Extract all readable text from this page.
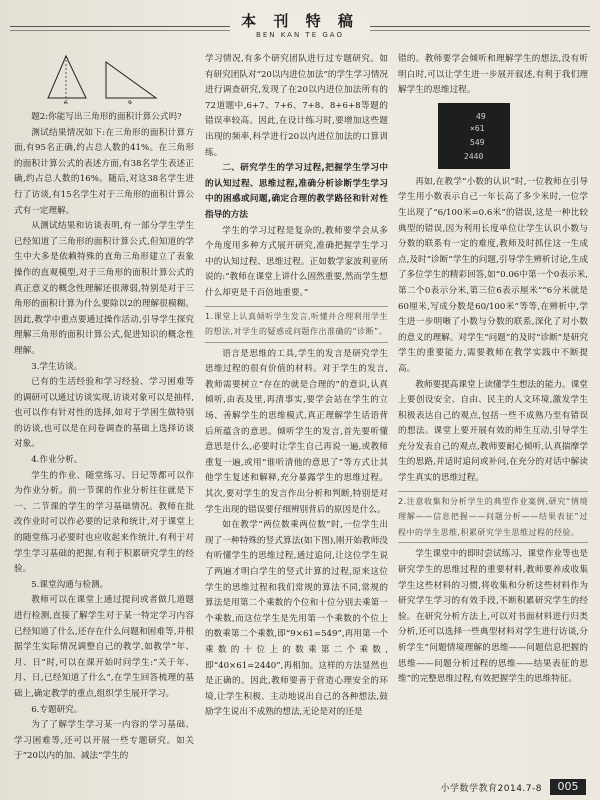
本 刊 特 稿
BEN KAN TE GAO
6	9

题2:你能写出三角形的面积计算公式吗?

测试结果情况如下:在三角形的面积计算方面,有95名正确,约占总人数的41%。在三角形的面积计算公式的表述方面,有38名学生表述正确,约占总人数的16%。随后,对这38名学生进行了访谈,有15名学生对于三角形的面积计算公式有一定理解。

从测试结果和访谈表明,有一部分学生学生已经知道了三角形的面积计算公式,但知道的学生中大多是依赖特殊的直角三角形建立了表象操作的直观模型,对于三角形的面积计算公式的真正意义的概念性理解还很薄弱,特别是对于三角形的面积计算为什么要除以2的理解很模糊。因此,教学中重点要通过操作活动,引导学生探究理解三角形的面积计算公式,促进知识的概念性理解。

3.学生访谈。

已有的生活经验和学习经验、学习困难等的调研可以通过访谈实现,访谈对象可以是抽样,也可以作有针对性的选择,如对于学困生做特别的访谈,也可以是在问卷调查的基础上选择访谈对象。

4.作业分析。

学生的作业、随堂练习、日记等都可以作为作业分析。前一节课的作业分析往往就是下一、二节课的学生的学习基础情况。教师在批改作业时可以作必要的记录和统计,对于课堂上的随堂练习必要时也应收起来作统计,有利于对学生学习基础的把握,有利于积累研究学生的经验。

5.课堂沟通与检测。

教师可以在课堂上通过提问或者做几道题进行检测,直接了解学生对于某一特定学习内容已经知道了什么,还存在什么问题和困难等,并根据学生实际情况调整自己的教学,如教学“年、月、日”时,可以在课开始时问学生:“关于年、月、日,已经知道了什么”,在学生回答梳理的基础上,确定教学的重点,组织学生展开学习。

6.专题研究。

为了了解学生学习某一内容的学习基础、学习困难等,还可以开展一些专题研究。如关于“20以内的加、减法”学生的

学习情况,有多个研究团队进行过专题研究。如有研究团队对“20以内进位加法”的学生学习情况进行调查研究,发现了在20以内进位加法所有的72道题中,6+7、7+6、7+8、8+6+8等题的错误率较高。因此,在设计练习时,要增加这些题出现的频率,科学进行20以内进位加法的口算训练。

二、研究学生的学习过程,把握学生学习中的认知过程、思维过程,准确分析诊断学生学习中的困惑或问题,确定合理的教学路径和针对性指导的方法

学生的学习过程是复杂的,教师要学会从多个角度用多种方式展开研究,准确把握学生学习中的认知过程、思维过程。正如数学家波利亚所说的:“教师在课堂上讲什么固然重要,然而学生想什么却更是千百倍地重要。”

1.课堂上认真倾听学生发言,听懂并合理利用学生的想法,对学生的疑惑或问题作出准确的“诊断”。

语言是思维的工具,学生的发言是研究学生思维过程的很有价值的材料。对于学生的发言,教师需要树立“存在的就是合理的”的意识,认真倾听,由表及里,再清事实,要学会站在学生的立场、善解学生的思维模式,真正理解学生话语背后所蕴含的意思。倾听学生的发言,首先要听懂意思是什么,必要时让学生自己再说一遍,或教师重复一遍,或用“谁听清他的意思了”等方式让其他学生复述和解释,充分暴露学生的思维过程。其次,要对学生的发言作出分析和判断,特别是对学生出现的错误要仔细辨别背后的原因是什么。

如在教学“两位数乘两位数”时,一位学生出现了一种特殊的竖式算法(如下图),刚开始教师没有听懂学生的思维过程,通过追问,让这位学生说了两遍才明白学生的竖式计算的过程,原来这位学生的思维过程和我们常规的算法不同,常规的算法是用第二个乘数的个位和十位分别去乘第一个乘数,而这位学生是先用第一个乘数的个位上的数乘第二个乘数,即“9×61=549”,再用第一个乘数的十位上的数乘第二个乘数,即“40×61=2440”,再相加。这样的方法显然也是正确的。因此,教师要善于营造心理安全的环境,让学生积极、主动地说出自己的各种想法,鼓励学生说出不成熟的想法,无论是对的还是

错的。教师要学会倾听和理解学生的想法,没有听明白时,可以让学生进一步展开叙述,有利于我们理解学生的思维过程。

49
×61
549
2440

再如,在教学“小数的认识”时,一位教师在引导学生用小数表示自己一年长高了多少米时,一位学生出现了“6/100米=0.6米”的错误,这是一种比较典型的错误,因为利用长度单位让学生认识小数与分数的联系有一定的难度,教师及时抓住这一生成点,及时“诊断”学生的问题,引导学生辨析讨论,生成了多位学生的精彩回答,如“0.06中第一个0表示米,第二个0表示分米,第三位6表示厘米”“6分米就是60厘米,写成分数是60/100米”等等,在辨析中,学生进一步明晰了小数与分数的联系,深化了对小数的意义的理解。对学生“问题”的及时“诊断”是研究学生的重要能力,需要教师在教学实践中不断提高。

教师要提高课堂上读懂学生想法的能力。课堂上要创设安全、自由、民主的人文环境,激发学生积极表达自己的观点,包括一些不成熟乃至有错误的想法。课堂上要开展有效的师生互动,引导学生充分发表自己的观点,教师要耐心倾听,认真揣摩学生的思路,并适时追问或补问,在充分的对话中解读学生真实的思维过程。

2.注意收集和分析学生的典型作业案例,研究“情境理解——信息把握——问题分析——结果表征”过程中的学生思维,积累研究学生思维过程的经验。

学生课堂中的即时尝试练习、课堂作业等也是研究学生的思维过程的重要材料,教师要养成收集学生这些材料的习惯,将收集和分析这些材料作为研究学生学习的有效手段,不断积累研究学生的经验。在研究分析方法上,可以对书面材料进行归类分析,还可以选择一些典型材料对学生进行访谈,分析学生“问题情境理解的思维——问题信息把握的思维——问题分析过程的思维——结果表征的思维”的完整思维过程,有效把握学生的思维特征。

小学数学教育2014.7-8	005
